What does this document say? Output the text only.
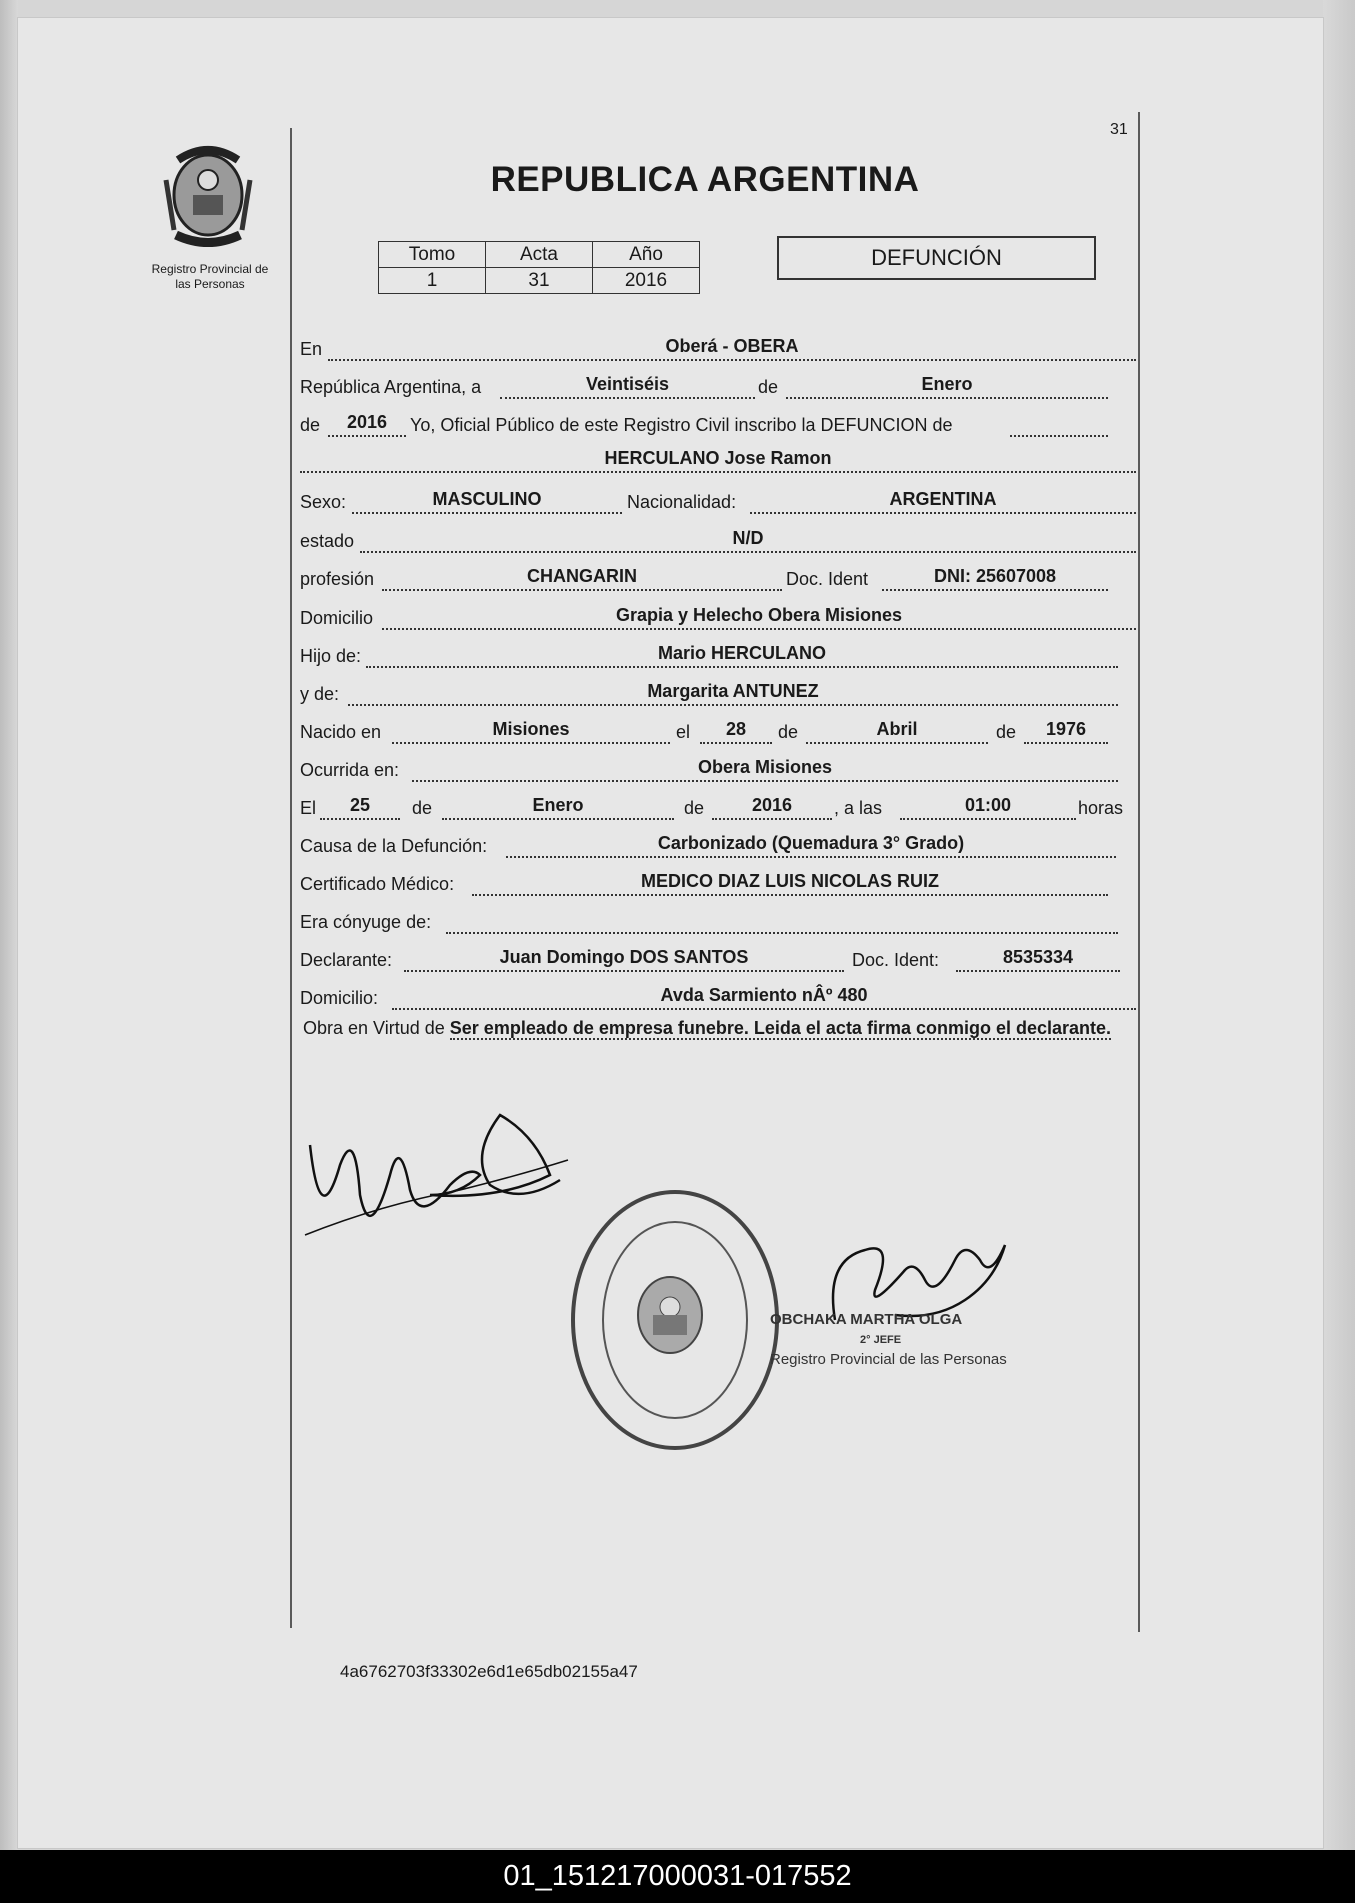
31
Registro Provincial de
las Personas
REPUBLICA ARGENTINA
Tomo	Acta	Año
1	31	2016
DEFUNCIÓN
En	Oberá - OBERA
República Argentina, a	Veintiséis	de	Enero
de	2016	Yo, Oficial Público de este Registro Civil inscribo la DEFUNCION de
HERCULANO Jose Ramon
Sexo:	MASCULINO	Nacionalidad:	ARGENTINA
estado	N/D
profesión	CHANGARIN	Doc. Ident	DNI: 25607008
Domicilio	Grapia y Helecho Obera Misiones
Hijo de:	Mario HERCULANO
y de:	Margarita ANTUNEZ
Nacido en	Misiones	el	28	de	Abril	de	1976
Ocurrida en:	Obera Misiones
El	25	de	Enero	de	2016	, a las	01:00	horas
Causa de la Defunción:	Carbonizado (Quemadura 3° Grado)
Certificado Médico:	MEDICO DIAZ LUIS NICOLAS RUIZ
Era cónyuge de:
Declarante:	Juan Domingo DOS SANTOS	Doc. Ident:	8535334
Domicilio:	Avda Sarmiento nÂº 480
Obra en Virtud de Ser empleado de empresa funebre. Leida el acta firma conmigo el declarante.
OBCHAKA MARTHA OLGA
2° JEFE
Registro Provincial de las Personas
4a6762703f33302e6d1e65db02155a47
01_151217000031-017552
